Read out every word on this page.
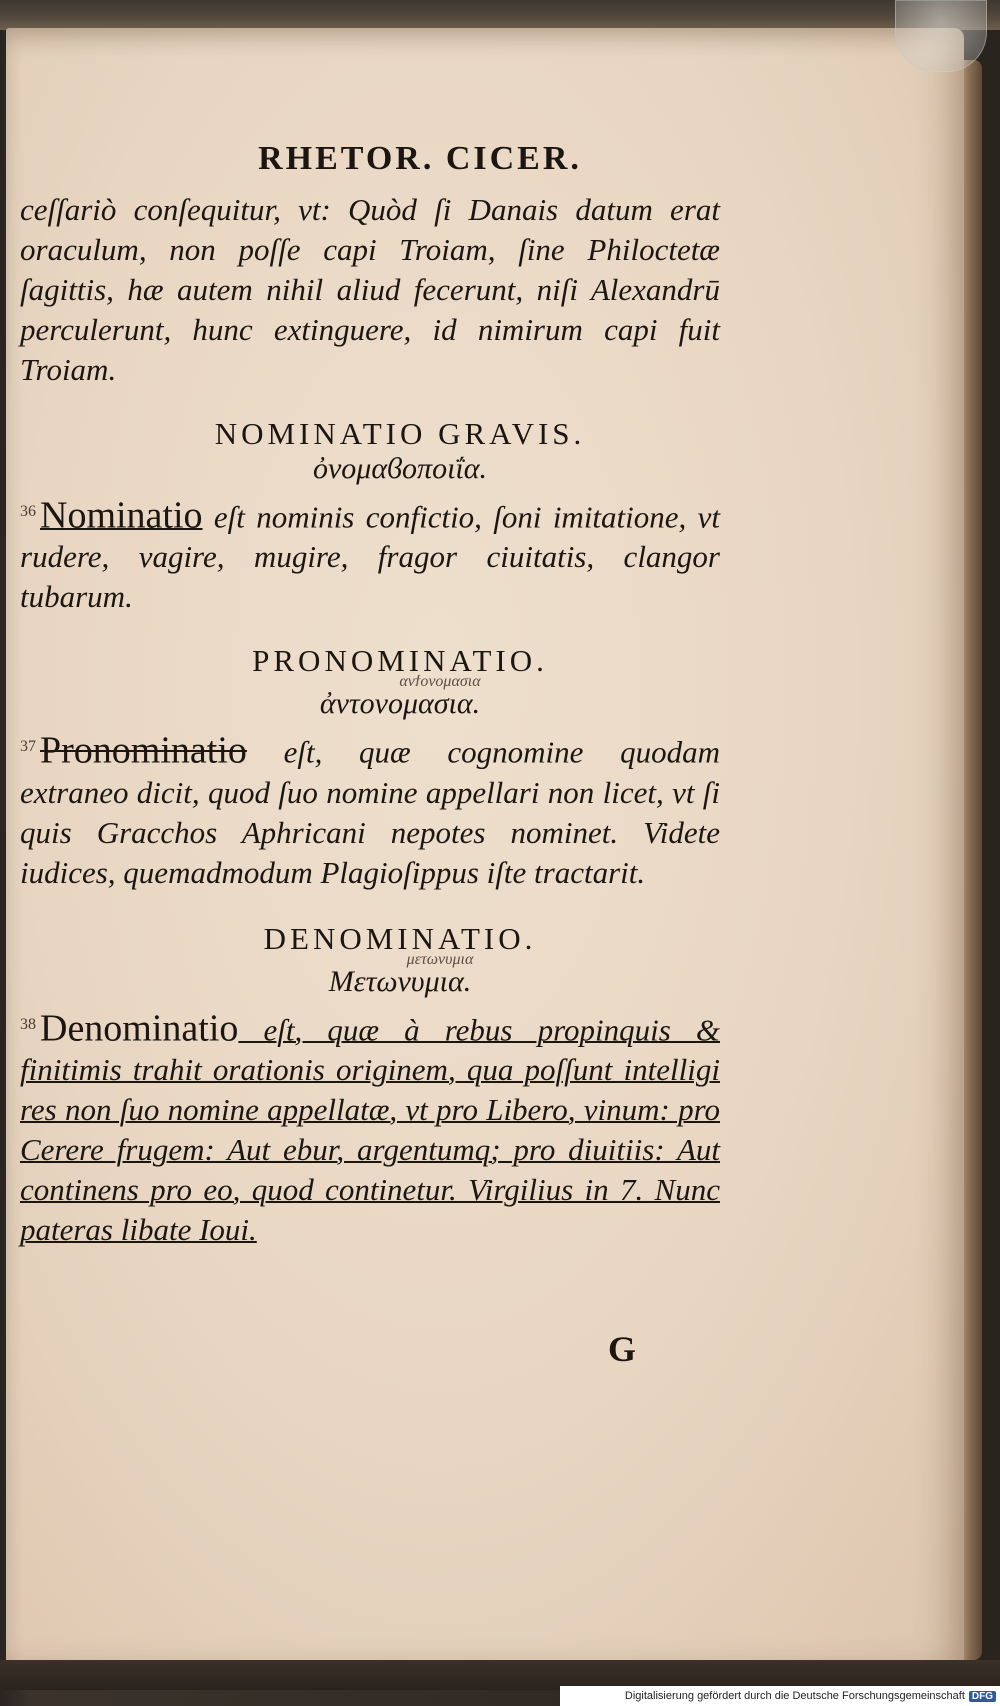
RHETOR. CICER.

ceſſariò conſequitur, vt: Quòd ſi Danais datum erat oraculum, non poſſe capi Troiam, ſine Philoctetæ ſagittis, hæ autem nihil aliud fecerunt, niſi Alexandrū perculerunt, hunc extinguere, id nimirum capi fuit Troiam.

NOMINATIO GRAVIS.
ὀνομαϐοποιΐα.

$^{36}$ Nominatio eſt nominis confictio, ſoni imitatione, vt rudere, vagire, mugire, fragor ciuitatis, clangor tubarum.

PRONOMINATIO.
ανϯονομασια
ἀντονομασια.

$^{37}$ Pronominatio eſt, quæ cognomine quodam extraneo dicit, quod ſuo nomine appellari non licet, vt ſi quis Gracchos Aphricani nepotes nominet. Videte iudices, quemadmodum Plagioſippus iſte tractarit.

DENOMINATIO.
μετωνυμια
Μετωνυμια.

$^{38}$ Denominatio eſt, quæ à rebus propinquis & finitimis trahit orationis originem, qua poſſunt intelligi res non ſuo nomine appellatæ, vt pro Libero, vinum: pro Cerere frugem: Aut ebur, argentumq; pro diuitiis: Aut continens pro eo, quod continetur. Virgilius in 7. Nunc pateras libate Ioui.

G
Digitalisierung gefördert durch die Deutsche Forschungsgemeinschaft DFG
